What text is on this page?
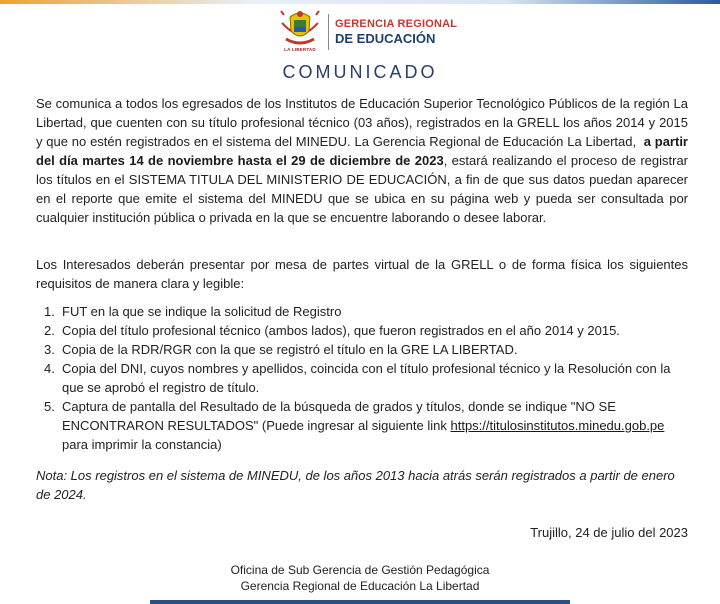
LA LIBERTAD
GERENCIA REGIONAL
DE EDUCACIÓN
COMUNICADO

Se comunica a todos los egresados de los Institutos de Educación Superior Tecnológico Públicos de la región La Libertad, que cuenten con su título profesional técnico (03 años), registrados en la GRELL los años 2014 y 2015 y que no estén registrados en el sistema del MINEDU. La Gerencia Regional de Educación La Libertad, a partir del día martes 14 de noviembre hasta el 29 de diciembre de 2023, estará realizando el proceso de registrar los títulos en el SISTEMA TITULA DEL MINISTERIO DE EDUCACIÓN, a fin de que sus datos puedan aparecer en el reporte que emite el sistema del MINEDU que se ubica en su página web y pueda ser consultada por cualquier institución pública o privada en la que se encuentre laborando o desee laborar.

Los Interesados deberán presentar por mesa de partes virtual de la GRELL o de forma física los siguientes requisitos de manera clara y legible:

1. FUT en la que se indique la solicitud de Registro
2. Copia del título profesional técnico (ambos lados), que fueron registrados en el año 2014 y 2015.
3. Copia de la RDR/RGR con la que se registró el título en la GRE LA LIBERTAD.
4. Copia del DNI, cuyos nombres y apellidos, coincida con el título profesional técnico y la Resolución con la que se aprobó el registro de título.
5. Captura de pantalla del Resultado de la búsqueda de grados y títulos, donde se indique "NO SE ENCONTRARON RESULTADOS" (Puede ingresar al siguiente link https://titulosinstitutos.minedu.gob.pe para imprimir la constancia)

Nota: Los registros en el sistema de MINEDU, de los años 2013 hacia atrás serán registrados a partir de enero de 2024.

Trujillo, 24 de julio del 2023
Oficina de Sub Gerencia de Gestión Pedagógica
Gerencia Regional de Educación La Libertad
